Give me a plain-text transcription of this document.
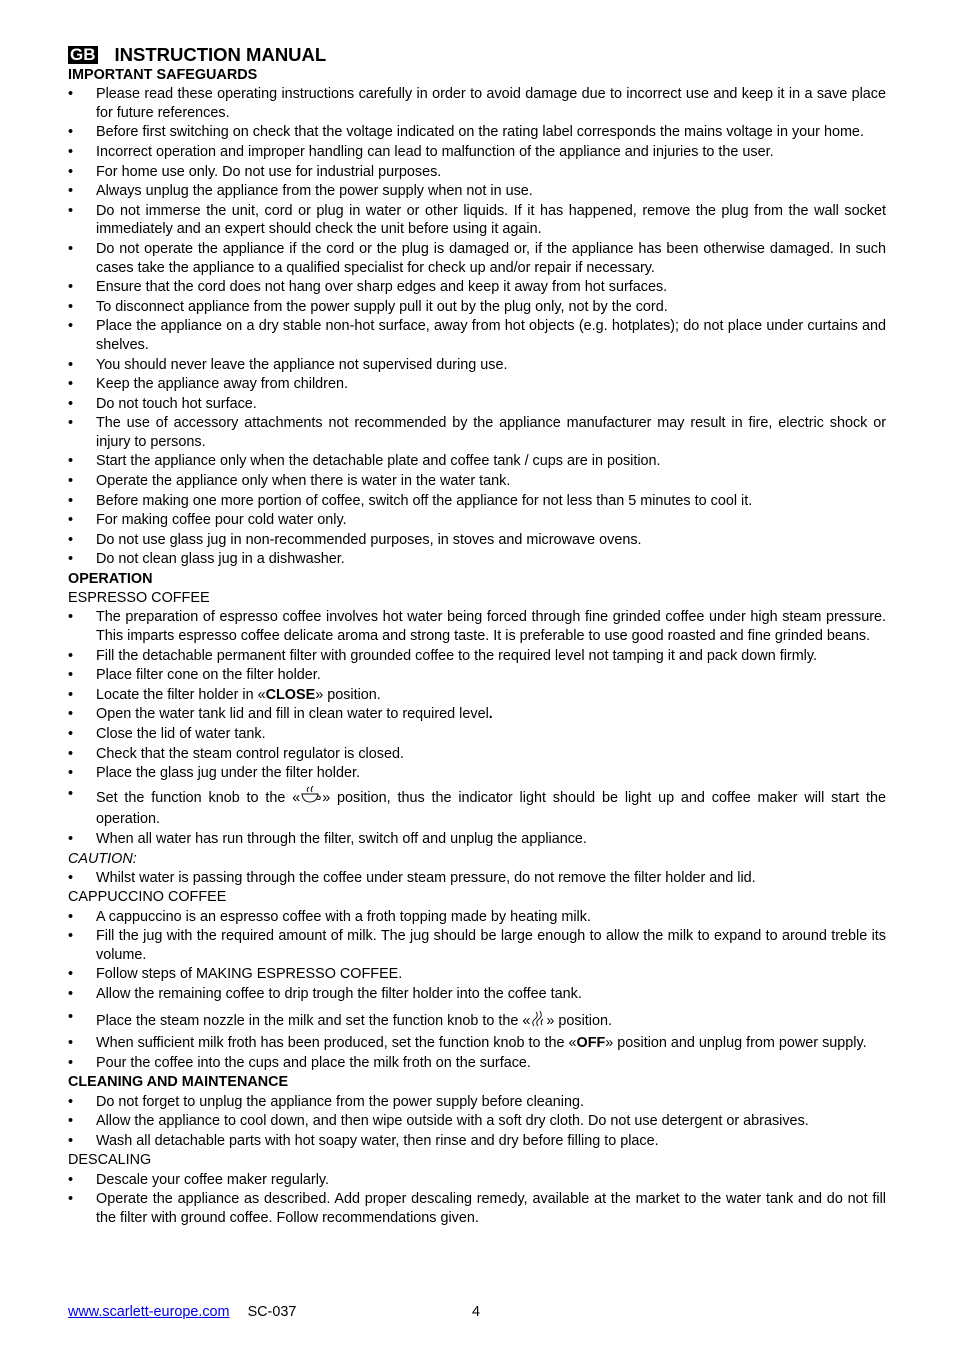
GB INSTRUCTION MANUAL
IMPORTANT SAFEGUARDS
• Please read these operating instructions carefully in order to avoid damage due to incorrect use and keep it in a save place for future references.
• Before first switching on check that the voltage indicated on the rating label corresponds the mains voltage in your home.
• Incorrect operation and improper handling can lead to malfunction of the appliance and injuries to the user.
• For home use only. Do not use for industrial purposes.
• Always unplug the appliance from the power supply when not in use.
• Do not immerse the unit, cord or plug in water or other liquids. If it has happened, remove the plug from the wall socket immediately and an expert should check the unit before using it again.
• Do not operate the appliance if the cord or the plug is damaged or, if the appliance has been otherwise damaged. In such cases take the appliance to a qualified specialist for check up and/or repair if necessary.
• Ensure that the cord does not hang over sharp edges and keep it away from hot surfaces.
• To disconnect appliance from the power supply pull it out by the plug only, not by the cord.
• Place the appliance on a dry stable non-hot surface, away from hot objects (e.g. hotplates); do not place under curtains and shelves.
• You should never leave the appliance not supervised during use.
• Keep the appliance away from children.
• Do not touch hot surface.
• The use of accessory attachments not recommended by the appliance manufacturer may result in fire, electric shock or injury to persons.
• Start the appliance only when the detachable plate and coffee tank / cups are in position.
• Operate the appliance only when there is water in the water tank.
• Before making one more portion of coffee, switch off the appliance for not less than 5 minutes to cool it.
• For making coffee pour cold water only.
• Do not use glass jug in non-recommended purposes, in stoves and microwave ovens.
• Do not clean glass jug in a dishwasher.
OPERATION
ESPRESSO COFFEE
• The preparation of espresso coffee involves hot water being forced through fine grinded coffee under high steam pressure. This imparts espresso coffee delicate aroma and strong taste. It is preferable to use good roasted and fine grinded beans.
• Fill the detachable permanent filter with grounded coffee to the required level not tamping it and pack down firmly.
• Place filter cone on the filter holder.
• Locate the filter holder in «CLOSE» position.
• Open the water tank lid and fill in clean water to required level.
• Close the lid of water tank.
• Check that the steam control regulator is closed.
• Place the glass jug under the filter holder.
• Set the function knob to the « » position, thus the indicator light should be light up and coffee maker will start the operation.
• When all water has run through the filter, switch off and unplug the appliance.
CAUTION:
• Whilst water is passing through the coffee under steam pressure, do not remove the filter holder and lid.
CAPPUCCINO COFFEE
• A cappuccino is an espresso coffee with a froth topping made by heating milk.
• Fill the jug with the required amount of milk. The jug should be large enough to allow the milk to expand to around treble its volume.
• Follow steps of MAKING ESPRESSO COFFEE.
• Allow the remaining coffee to drip trough the filter holder into the coffee tank.
• Place the steam nozzle in the milk and set the function knob to the « » position.
• When sufficient milk froth has been produced, set the function knob to the «OFF» position and unplug from power supply.
• Pour the coffee into the cups and place the milk froth on the surface.
CLEANING AND MAINTENANCE
• Do not forget to unplug the appliance from the power supply before cleaning.
• Allow the appliance to cool down, and then wipe outside with a soft dry cloth. Do not use detergent or abrasives.
• Wash all detachable parts with hot soapy water, then rinse and dry before filling to place.
DESCALING
• Descale your coffee maker regularly.
• Operate the appliance as described. Add proper descaling remedy, available at the market to the water tank and do not fill the filter with ground coffee. Follow recommendations given.
www.scarlett-europe.com SC-037	4
